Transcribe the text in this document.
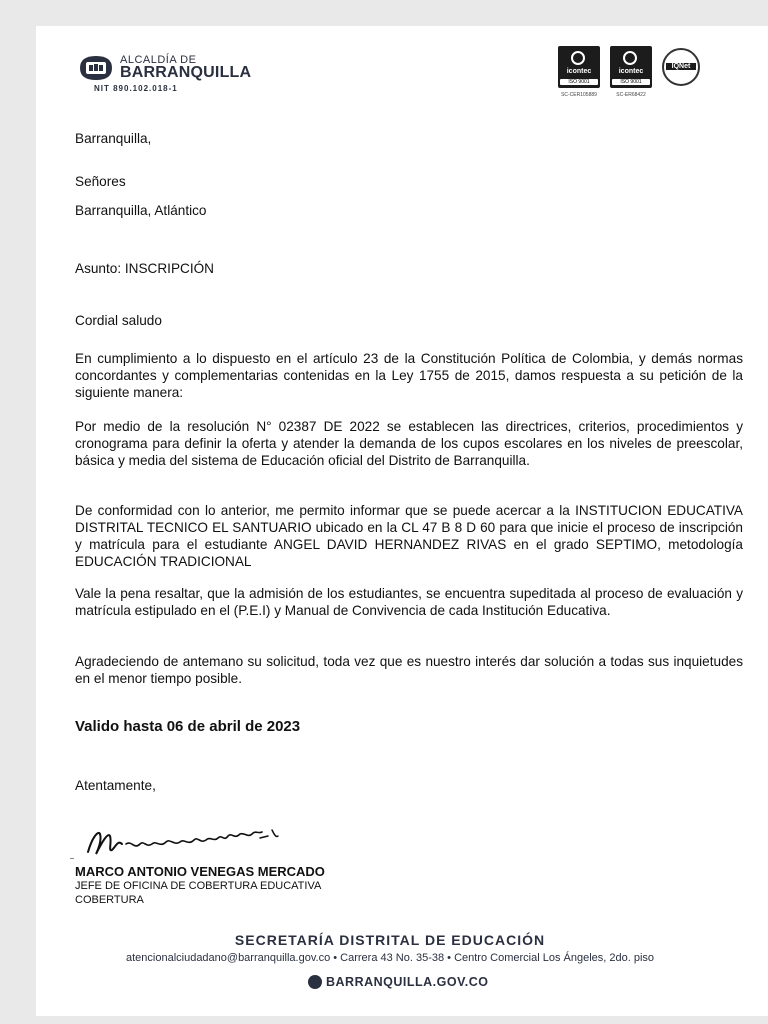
ALCALDÍA DE
BARRANQUILLA
NIT 890.102.018-1
icontec
ISO 9001
SC-CER105889
icontec
ISO 9001
SC-ER68422
IQNet
Barranquilla,
Señores
Barranquilla, Atlántico
Asunto: INSCRIPCIÓN
Cordial saludo

En cumplimiento a lo dispuesto en el artículo 23 de la Constitución Política de Colombia, y demás normas concordantes y complementarias contenidas en la Ley 1755 de 2015, damos respuesta a su petición de la siguiente manera:

Por medio de la resolución N° 02387 DE 2022 se establecen las directrices, criterios, procedimientos y cronograma para definir la oferta y atender la demanda de los cupos escolares en los niveles de preescolar, básica y media del sistema de Educación oficial del Distrito de Barranquilla.

De conformidad con lo anterior, me permito informar que se puede acercar a la INSTITUCION EDUCATIVA DISTRITAL TECNICO EL SANTUARIO ubicado en la CL 47 B 8 D 60 para que inicie el proceso de inscripción y matrícula para el estudiante ANGEL DAVID HERNANDEZ RIVAS en el grado SEPTIMO, metodología EDUCACIÓN TRADICIONAL

Vale la pena resaltar, que la admisión de los estudiantes, se encuentra supeditada al proceso de evaluación y matrícula estipulado en el (P.E.I) y Manual de Convivencia de cada Institución Educativa.

Agradeciendo de antemano su solicitud, toda vez que es nuestro interés dar solución a todas sus inquietudes en el menor tiempo posible.

Valido hasta 06 de abril de 2023
Atentamente,
MARCO ANTONIO VENEGAS MERCADO
JEFE DE OFICINA DE COBERTURA EDUCATIVA
COBERTURA
SECRETARÍA DISTRITAL DE EDUCACIÓN
atencionalciudadano@barranquilla.gov.co • Carrera 43 No. 35-38 • Centro Comercial Los Ángeles, 2do. piso
BARRANQUILLA.GOV.CO
